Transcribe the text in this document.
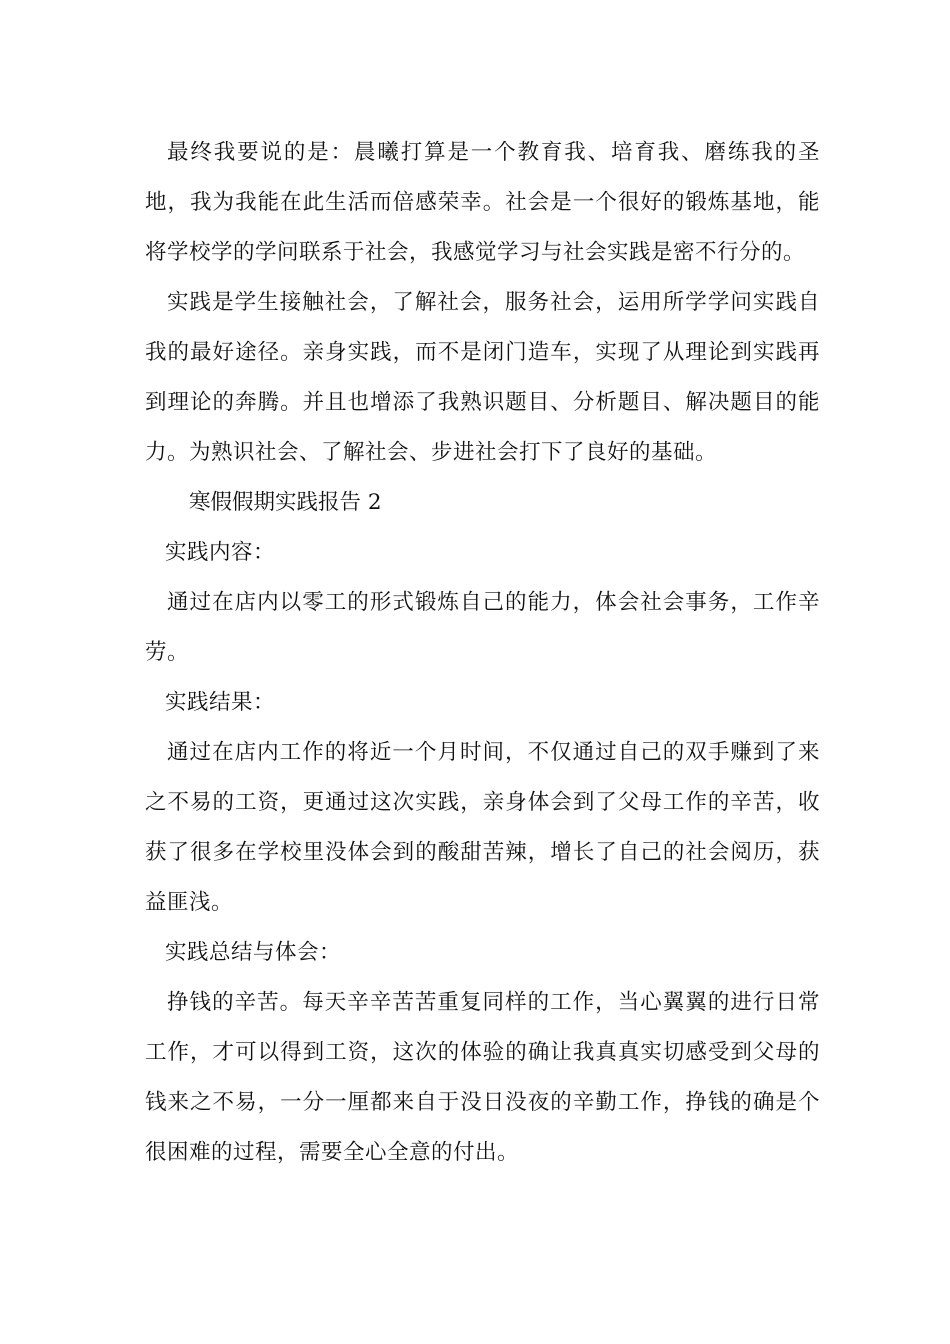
最终我要说的是：晨曦打算是一个教育我、培育我、磨练我的圣地，我为我能在此生活而倍感荣幸。社会是一个很好的锻炼基地，能将学校学的学问联系于社会，我感觉学习与社会实践是密不行分的。

实践是学生接触社会，了解社会，服务社会，运用所学学问实践自我的最好途径。亲身实践，而不是闭门造车，实现了从理论到实践再到理论的奔腾。并且也增添了我熟识题目、分析题目、解决题目的能力。为熟识社会、了解社会、步进社会打下了良好的基础。

寒假假期实践报告 2

实践内容：

通过在店内以零工的形式锻炼自己的能力，体会社会事务，工作辛劳。

实践结果：

通过在店内工作的将近一个月时间，不仅通过自己的双手赚到了来之不易的工资，更通过这次实践，亲身体会到了父母工作的辛苦，收获了很多在学校里没体会到的酸甜苦辣，增长了自己的社会阅历，获益匪浅。

实践总结与体会：

挣钱的辛苦。每天辛辛苦苦重复同样的工作，当心翼翼的进行日常工作，才可以得到工资，这次的体验的确让我真真实切感受到父母的钱来之不易，一分一厘都来自于没日没夜的辛勤工作，挣钱的确是个很困难的过程，需要全心全意的付出。
